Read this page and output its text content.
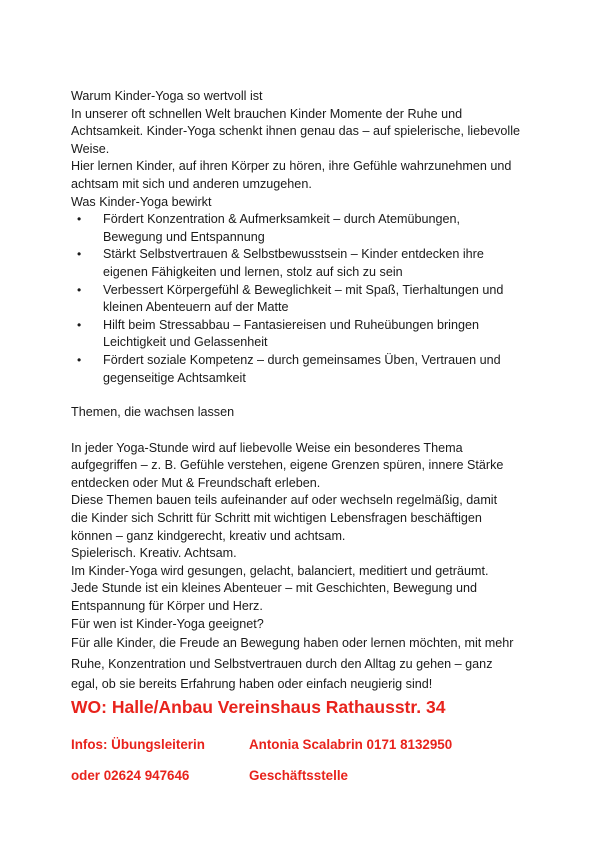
Warum Kinder-Yoga so wertvoll ist
In unserer oft schnellen Welt brauchen Kinder Momente der Ruhe und
Achtsamkeit. Kinder-Yoga schenkt ihnen genau das – auf spielerische, liebevolle
Weise.
Hier lernen Kinder, auf ihren Körper zu hören, ihre Gefühle wahrzunehmen und
achtsam mit sich und anderen umzugehen.
Was Kinder-Yoga bewirkt
• Fördert Konzentration & Aufmerksamkeit – durch Atemübungen,
Bewegung und Entspannung
• Stärkt Selbstvertrauen & Selbstbewusstsein – Kinder entdecken ihre
eigenen Fähigkeiten und lernen, stolz auf sich zu sein
• Verbessert Körpergefühl & Beweglichkeit – mit Spaß, Tierhaltungen und
kleinen Abenteuern auf der Matte
• Hilft beim Stressabbau – Fantasiereisen und Ruheübungen bringen
Leichtigkeit und Gelassenheit
• Fördert soziale Kompetenz – durch gemeinsames Üben, Vertrauen und
gegenseitige Achtsamkeit
Themen, die wachsen lassen
In jeder Yoga-Stunde wird auf liebevolle Weise ein besonderes Thema
aufgegriffen – z. B. Gefühle verstehen, eigene Grenzen spüren, innere Stärke
entdecken oder Mut & Freundschaft erleben.
Diese Themen bauen teils aufeinander auf oder wechseln regelmäßig, damit
die Kinder sich Schritt für Schritt mit wichtigen Lebensfragen beschäftigen
können – ganz kindgerecht, kreativ und achtsam.
Spielerisch. Kreativ. Achtsam.
Im Kinder-Yoga wird gesungen, gelacht, balanciert, meditiert und geträumt.
Jede Stunde ist ein kleines Abenteuer – mit Geschichten, Bewegung und
Entspannung für Körper und Herz.
Für wen ist Kinder-Yoga geeignet?
Für alle Kinder, die Freude an Bewegung haben oder lernen möchten, mit mehr
Ruhe, Konzentration und Selbstvertrauen durch den Alltag zu gehen – ganz
egal, ob sie bereits Erfahrung haben oder einfach neugierig sind!
WO: Halle/Anbau Vereinshaus Rathausstr. 34
Infos: Übungsleiterin	Antonia Scalabrin 0171 8132950
oder 02624 947646	Geschäftsstelle
